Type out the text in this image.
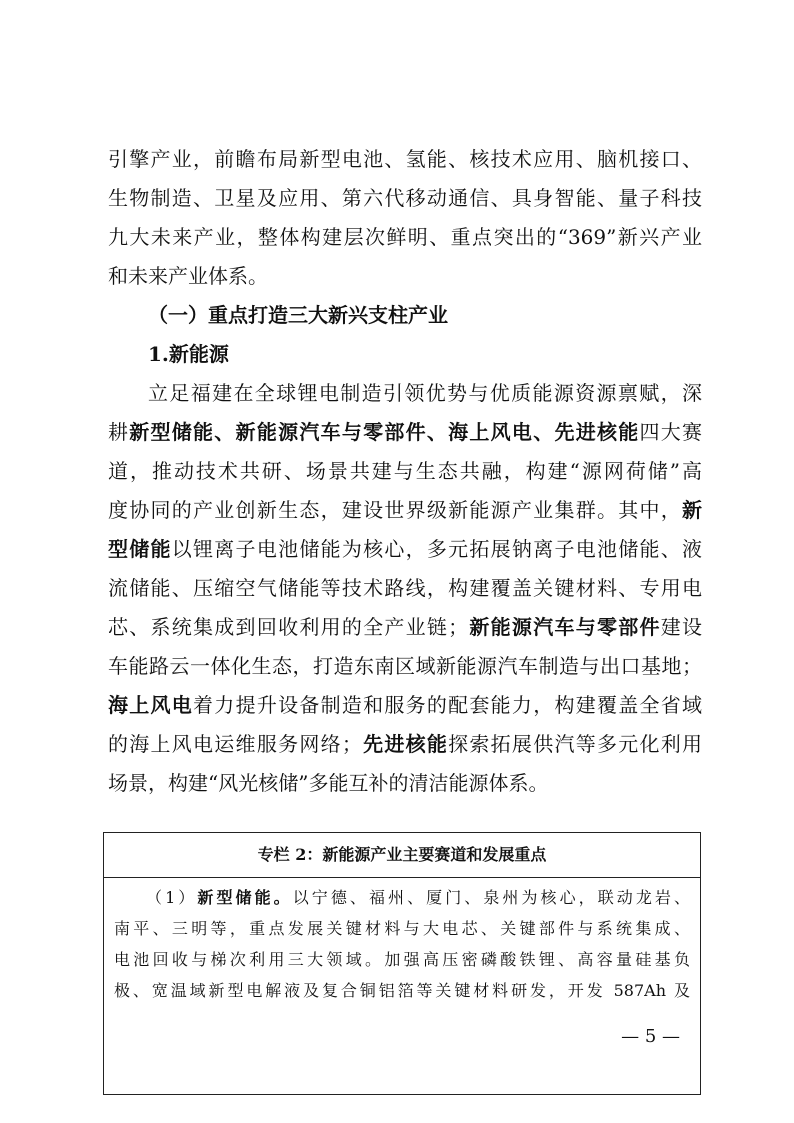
引擎产业，前瞻布局新型电池、氢能、核技术应用、脑机接口、
生物制造、卫星及应用、第六代移动通信、具身智能、量子科技
九大未来产业，整体构建层次鲜明、重点突出的“369”新兴产业
和未来产业体系。
（一）重点打造三大新兴支柱产业
1.新能源
立足福建在全球锂电制造引领优势与优质能源资源禀赋，深
耕新型储能、新能源汽车与零部件、海上风电、先进核能四大赛
道，推动技术共研、场景共建与生态共融，构建“源网荷储”高
度协同的产业创新生态，建设世界级新能源产业集群。其中，新
型储能以锂离子电池储能为核心，多元拓展钠离子电池储能、液
流储能、压缩空气储能等技术路线，构建覆盖关键材料、专用电
芯、系统集成到回收利用的全产业链；新能源汽车与零部件建设
车能路云一体化生态，打造东南区域新能源汽车制造与出口基地；
海上风电着力提升设备制造和服务的配套能力，构建覆盖全省域
的海上风电运维服务网络；先进核能探索拓展供汽等多元化利用
场景，构建“风光核储”多能互补的清洁能源体系。
专栏 2：新能源产业主要赛道和发展重点
（1）新型储能。以宁德、福州、厦门、泉州为核心，联动龙岩、
南平、三明等，重点发展关键材料与大电芯、关键部件与系统集成、
电池回收与梯次利用三大领域。加强高压密磷酸铁锂、高容量硅基负
极、宽温域新型电解液及复合铜铝箔等关键材料研发，开发 587Ah 及
— 5 —
